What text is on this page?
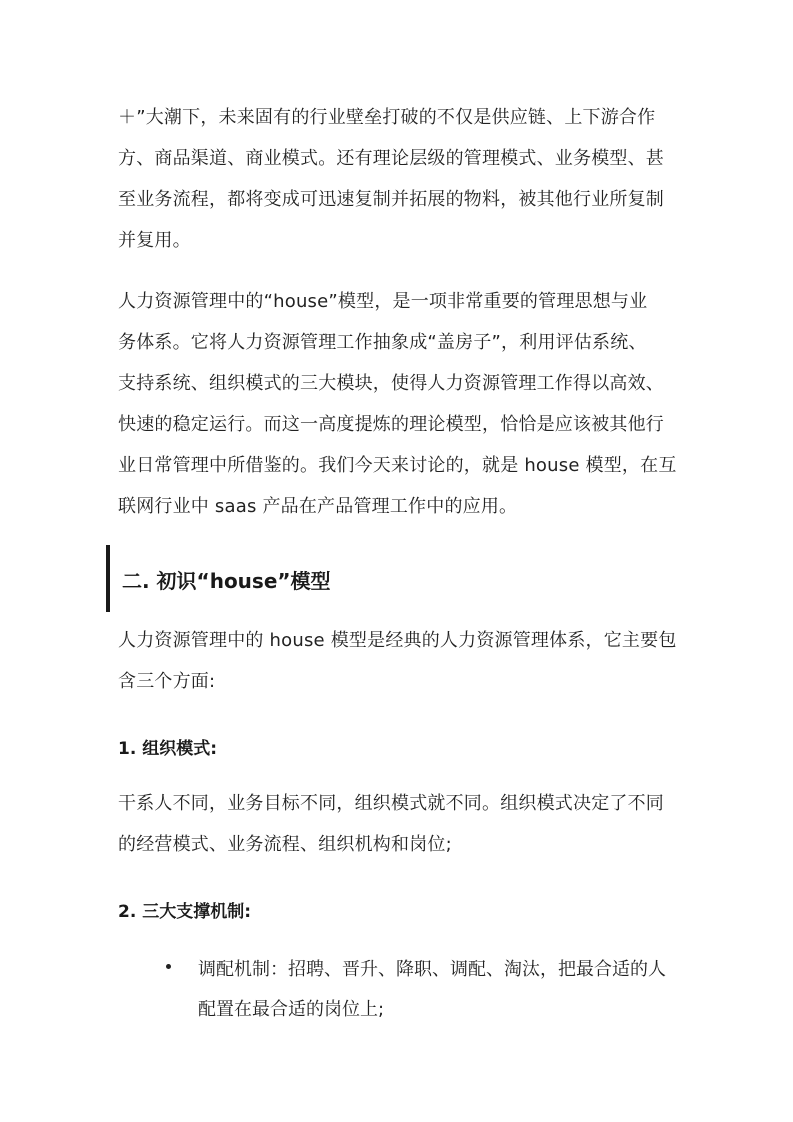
＋”大潮下，未来固有的行业壁垒打破的不仅是供应链、上下游合作
方、商品渠道、商业模式。还有理论层级的管理模式、业务模型、甚
至业务流程，都将变成可迅速复制并拓展的物料，被其他行业所复制
并复用。

人力资源管理中的“house”模型，是一项非常重要的管理思想与业
务体系。它将人力资源管理工作抽象成“盖房子”，利用评估系统、
支持系统、组织模式的三大模块，使得人力资源管理工作得以高效、
快速的稳定运行。而这一高度提炼的理论模型，恰恰是应该被其他行
业日常管理中所借鉴的。我们今天来讨论的，就是 house 模型，在互
联网行业中 saas 产品在产品管理工作中的应用。

二. 初识“house”模型

人力资源管理中的 house 模型是经典的人力资源管理体系，它主要包
含三个方面:

1. 组织模式:

干系人不同，业务目标不同，组织模式就不同。组织模式决定了不同
的经营模式、业务流程、组织机构和岗位;

2. 三大支撑机制:

调配机制：招聘、晋升、降职、调配、淘汰，把最合适的人
配置在最合适的岗位上;
